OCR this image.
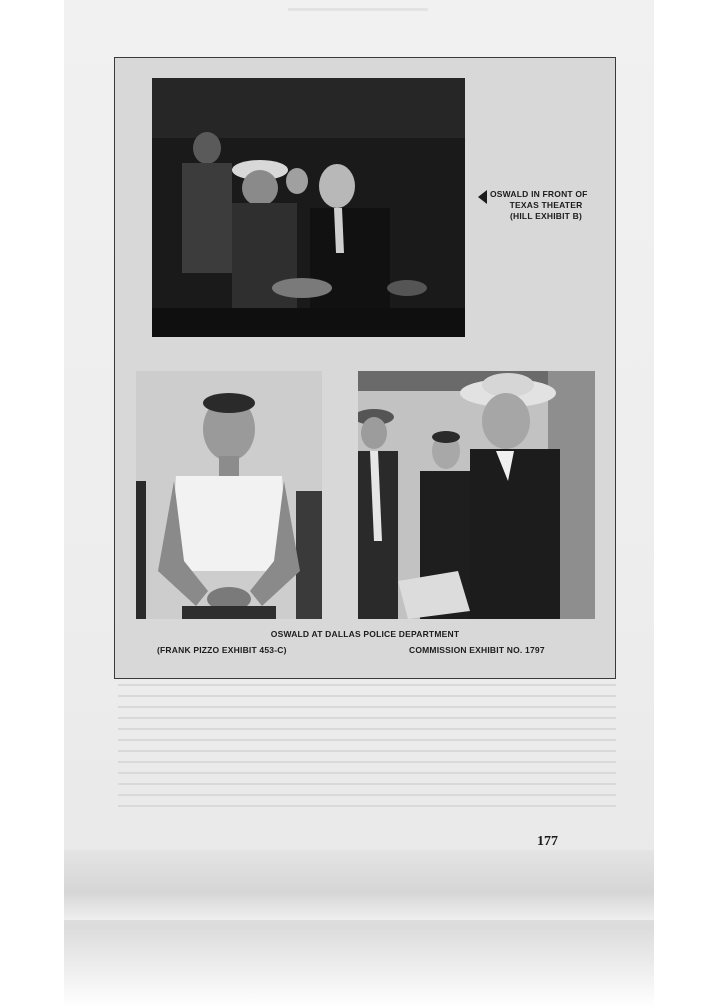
OSWALD IN FRONT OF
TEXAS THEATER
(HILL EXHIBIT B)
OSWALD AT DALLAS POLICE DEPARTMENT
(FRANK PIZZO EXHIBIT 453-C)	COMMISSION EXHIBIT NO. 1797
177
